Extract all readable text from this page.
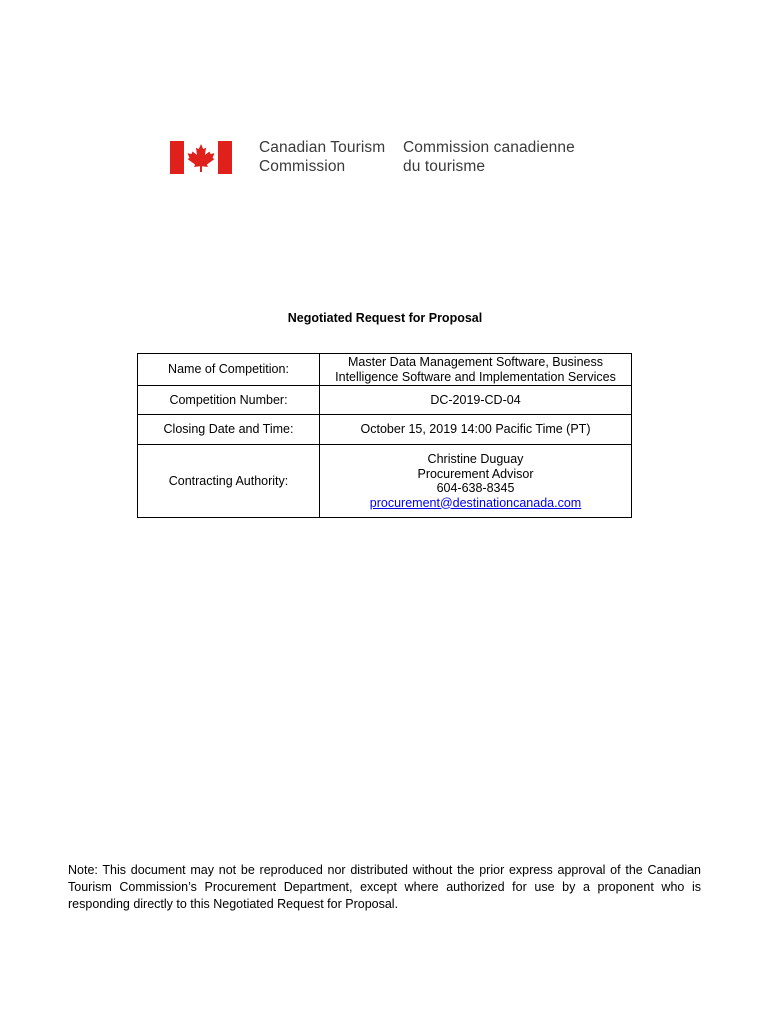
Canadian Tourism
Commission
Commission canadienne
du tourisme
Negotiated Request for Proposal
Name of Competition:	Master Data Management Software, Business
Intelligence Software and Implementation Services

Competition Number:	DC-2019-CD-04
Closing Date and Time:	October 15, 2019 14:00 Pacific Time (PT)
Contracting Authority:	Christine Duguay
Procurement Advisor
604-638-8345
procurement@destinationcanada.com
Note: This document may not be reproduced nor distributed without the prior express approval of the Canadian Tourism Commission’s Procurement Department, except where authorized for use by a proponent who is responding directly to this Negotiated Request for Proposal.
